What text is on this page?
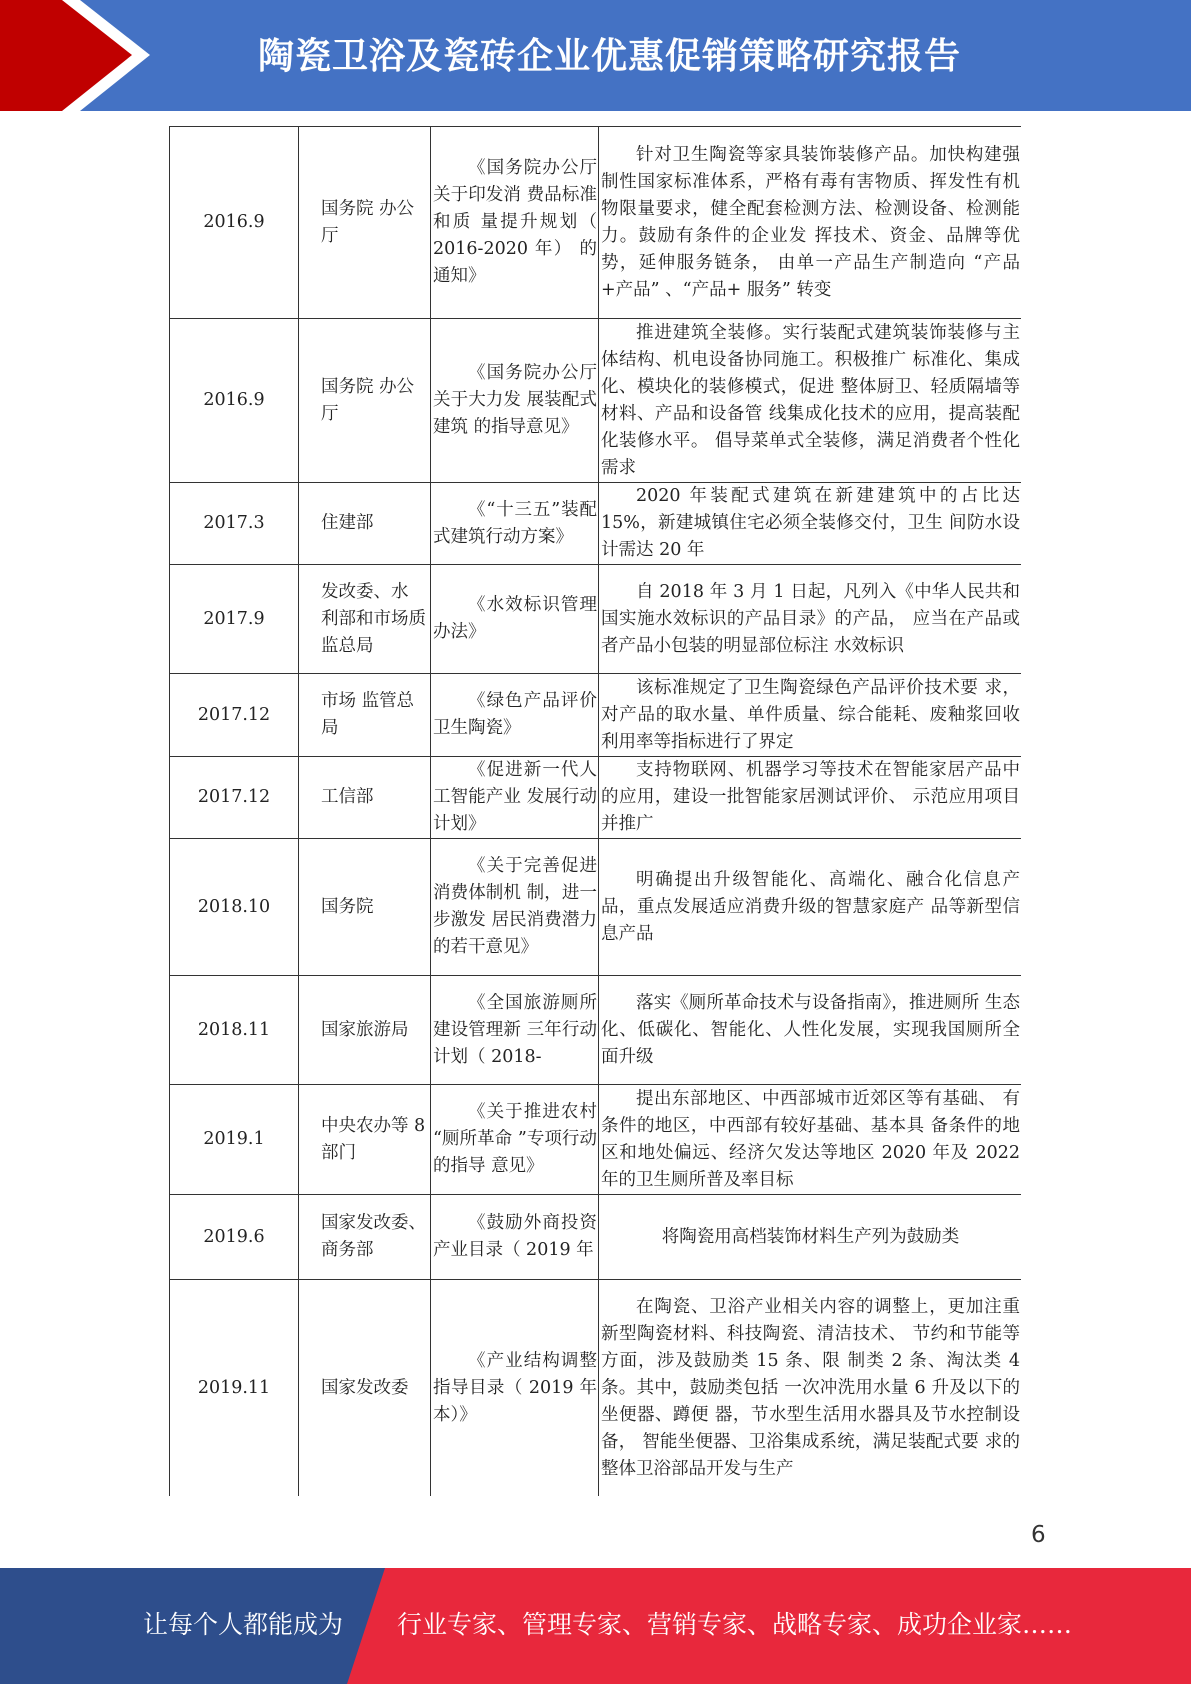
陶瓷卫浴及瓷砖企业优惠促销策略研究报告
2016.9	国务院 办公厅	《国务院办公厅关于印发消 费品标准和质 量提升规划（ 2016-2020 年） 的通知》	针对卫生陶瓷等家具装饰装修产品。加快构建强制性国家标准体系，严格有毒有害物质、挥发性有机物限量要求，健全配套检测方法、检测设备、检测能力。鼓励有条件的企业发 挥技术、资金、品牌等优势，延伸服务链条， 由单一产品生产制造向 “产品+产品” 、“产品+ 服务” 转变
2016.9	国务院 办公厅	《国务院办公厅关于大力发 展装配式建筑 的指导意见》	推进建筑全装修。实行装配式建筑装饰装修与主体结构、机电设备协同施工。积极推广 标准化、集成化、模块化的装修模式，促进 整体厨卫、轻质隔墙等材料、产品和设备管 线集成化技术的应用，提高装配化装修水平。 倡导菜单式全装修，满足消费者个性化需求
2017.3	住建部	《“十三五”装配 式建筑行动方案》	2020 年装配式建筑在新建建筑中的占比达 15%，新建城镇住宅必须全装修交付，卫生 间防水设计需达 20 年
2017.9	发改委、水 利部和市场质监总局	《水效标识管理办法》	自 2018 年 3 月 1 日起，凡列入《中华人民共和国实施水效标识的产品目录》的产品， 应当在产品或者产品小包装的明显部位标注 水效标识
2017.12	市场 监管总局	《绿色产品评价卫生陶瓷》	该标准规定了卫生陶瓷绿色产品评价技术要 求，对产品的取水量、单件质量、综合能耗、废釉浆回收利用率等指标进行了界定
2017.12	工信部	《促进新一代人工智能产业 发展行动计划》	支持物联网、机器学习等技术在智能家居产品中的应用，建设一批智能家居测试评价、 示范应用项目并推广
2018.10	国务院	《关于完善促进消费体制机 制，进一步激发 居民消费潜力 的若干意见》	明确提出升级智能化、高端化、融合化信息产品，重点发展适应消费升级的智慧家庭产 品等新型信息产品
2018.11	国家旅游局	《全国旅游厕所建设管理新 三年行动计划（ 2018-	落实《厕所革命技术与设备指南》，推进厕所 生态化、低碳化、智能化、人性化发展，实现我国厕所全面升级
2019.1	中央农办等 8 部门	《关于推进农村 “厕所革命 ”专项行动的指导 意见》	提出东部地区、中西部城市近郊区等有基础、 有条件的地区，中西部有较好基础、基本具 备条件的地区和地处偏远、经济欠发达等地区 2020 年及 2022 年的卫生厕所普及率目标
2019.6	国家发改委、商务部	《鼓励外商投资产业目录（ 2019 年	将陶瓷用高档装饰材料生产列为鼓励类
2019.11	国家发改委	《产业结构调整指导目录（ 2019 年本）》	在陶瓷、卫浴产业相关内容的调整上，更加注重新型陶瓷材料、科技陶瓷、清洁技术、 节约和节能等方面，涉及鼓励类 15 条、限 制类 2 条、淘汰类 4 条。其中，鼓励类包括 一次冲洗用水量 6 升及以下的坐便器、蹲便 器，节水型生活用水器具及节水控制设备， 智能坐便器、卫浴集成系统，满足装配式要 求的整体卫浴部品开发与生产
6
让每个人都能成为 行业专家、管理专家、营销专家、战略专家、成功企业家……
